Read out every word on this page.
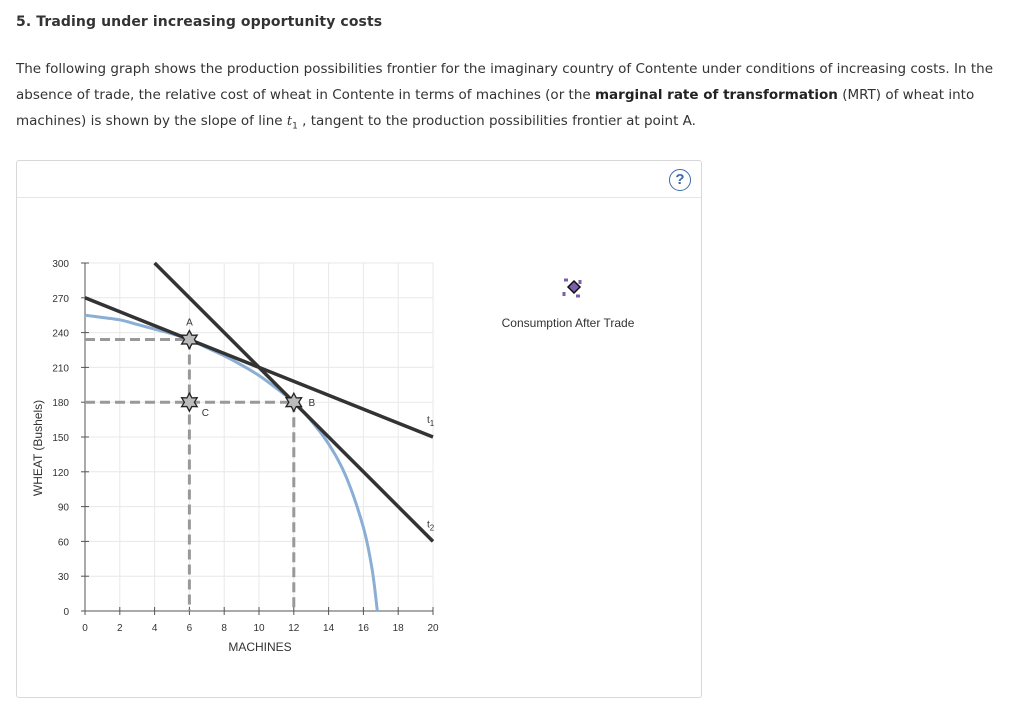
5. Trading under increasing opportunity costs
The following graph shows the production possibilities frontier for the imaginary country of Contente under conditions of increasing costs. In the absence of trade, the relative cost of wheat in Contente in terms of machines (or the marginal rate of transformation (MRT) of wheat into machines) is shown by the slope of line $t_1$ , tangent to the production possibilities frontier at point A.
?
0	2	4	6	8	10 12 14 16 18 20
0
30
60
90
120
150
180
210
240
270
300
$t_1$
$t_2$
A
B
C
MACHINES
WHEAT (Bushels)
Consumption After Trade
